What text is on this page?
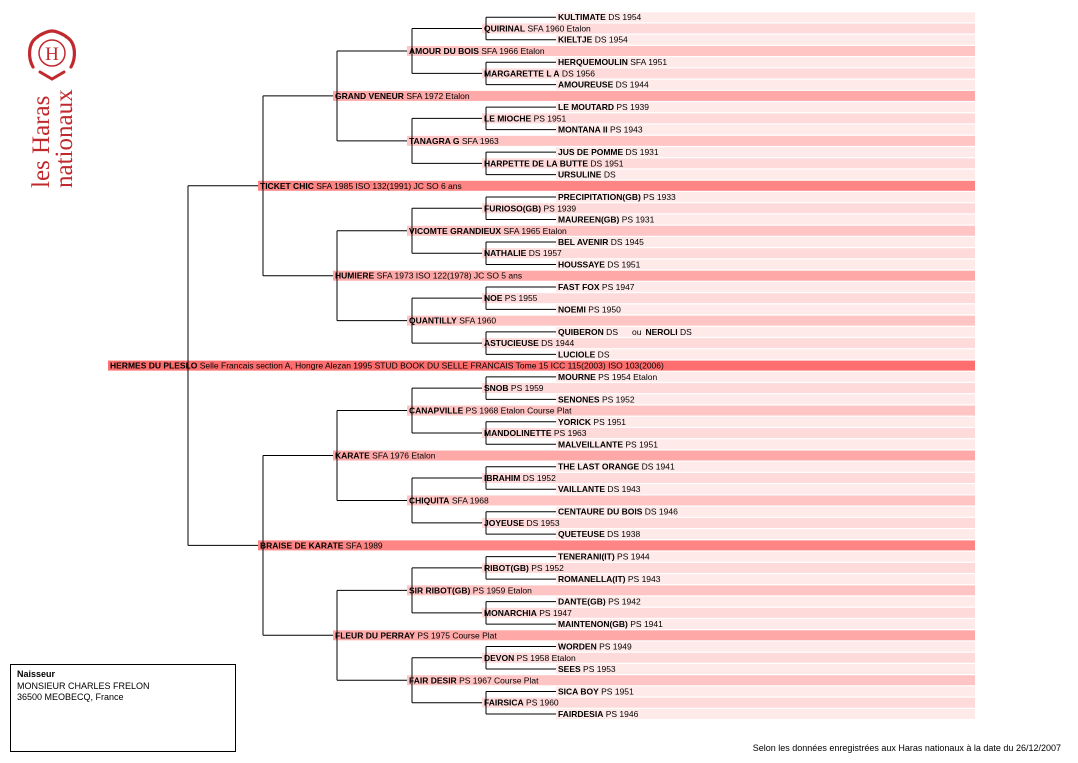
H
les Haras
nationaux
HERMES DU PLESLO Selle Francais section A, Hongre Alezan 1995 STUD BOOK DU SELLE FRANCAIS Tome 15 ICC 115(2003) ISO 103(2006)
TICKET CHIC SFA 1985 ISO 132(1991) JC SO 6 ans
GRAND VENEUR SFA 1972 Etalon
AMOUR DU BOIS SFA 1966 Etalon
QUIRINAL SFA 1960 Etalon
KULTIMATE DS 1954
KIELTJE DS 1954
MARGARETTE L A DS 1956
HERQUEMOULIN SFA 1951
AMOUREUSE DS 1944
TANAGRA G SFA 1963
LE MIOCHE PS 1951
LE MOUTARD PS 1939
MONTANA II PS 1943
HARPETTE DE LA BUTTE DS 1951
JUS DE POMME DS 1931
URSULINE DS
HUMIERE SFA 1973 ISO 122(1978) JC SO 5 ans
VICOMTE GRANDIEUX SFA 1965 Etalon
FURIOSO(GB) PS 1939
PRECIPITATION(GB) PS 1933
MAUREEN(GB) PS 1931
NATHALIE DS 1957
BEL AVENIR DS 1945
HOUSSAYE DS 1951
QUANTILLY SFA 1960
NOE PS 1955
FAST FOX PS 1947
NOEMI PS 1950
ASTUCIEUSE DS 1944
QUIBERON DS ou NEROLI DS
LUCIOLE DS
BRAISE DE KARATE SFA 1989
KARATE SFA 1976 Etalon
CANAPVILLE PS 1968 Etalon Course Plat
SNOB PS 1959
MOURNE PS 1954 Etalon
SENONES PS 1952
MANDOLINETTE PS 1963
YORICK PS 1951
MALVEILLANTE PS 1951
CHIQUITA SFA 1968
IBRAHIM DS 1952
THE LAST ORANGE DS 1941
VAILLANTE DS 1943
JOYEUSE DS 1953
CENTAURE DU BOIS DS 1946
QUETEUSE DS 1938
FLEUR DU PERRAY PS 1975 Course Plat
SIR RIBOT(GB) PS 1959 Etalon
RIBOT(GB) PS 1952
TENERANI(IT) PS 1944
ROMANELLA(IT) PS 1943
MONARCHIA PS 1947
DANTE(GB) PS 1942
MAINTENON(GB) PS 1941
FAIR DESIR PS 1967 Course Plat
DEVON PS 1958 Etalon
WORDEN PS 1949
SEES PS 1953
FAIRSICA PS 1960
SICA BOY PS 1951
FAIRDESIA PS 1946
Naisseur
MONSIEUR CHARLES FRELON
36500 MEOBECQ, France
Selon les données enregistrées aux Haras nationaux à la date du 26/12/2007
